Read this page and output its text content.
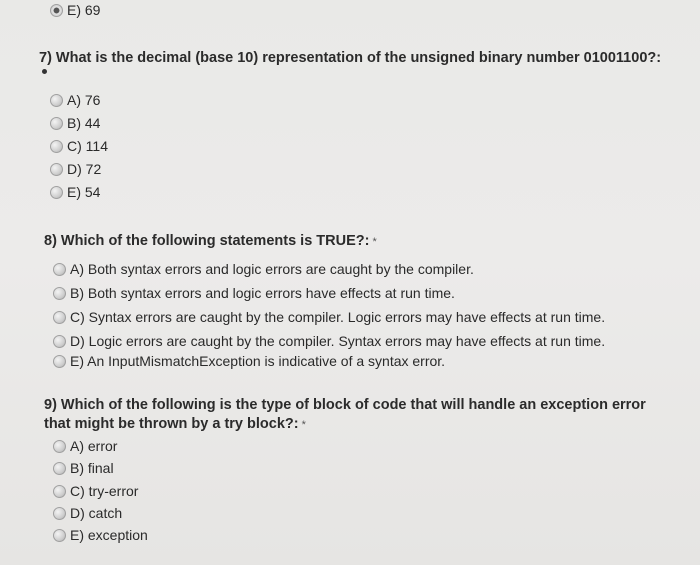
E) 69
7) What is the decimal (base 10) representation of the unsigned binary number 01001100?:
A) 76
B) 44
C) 114
D) 72
E) 54
8) Which of the following statements is TRUE?: *
A) Both syntax errors and logic errors are caught by the compiler.
B) Both syntax errors and logic errors have effects at run time.
C) Syntax errors are caught by the compiler. Logic errors may have effects at run time.
D) Logic errors are caught by the compiler. Syntax errors may have effects at run time.
E) An InputMismatchException is indicative of a syntax error.
9) Which of the following is the type of block of code that will handle an exception error
that might be thrown by a try block?: *
A) error
B) final
C) try-error
D) catch
E) exception
